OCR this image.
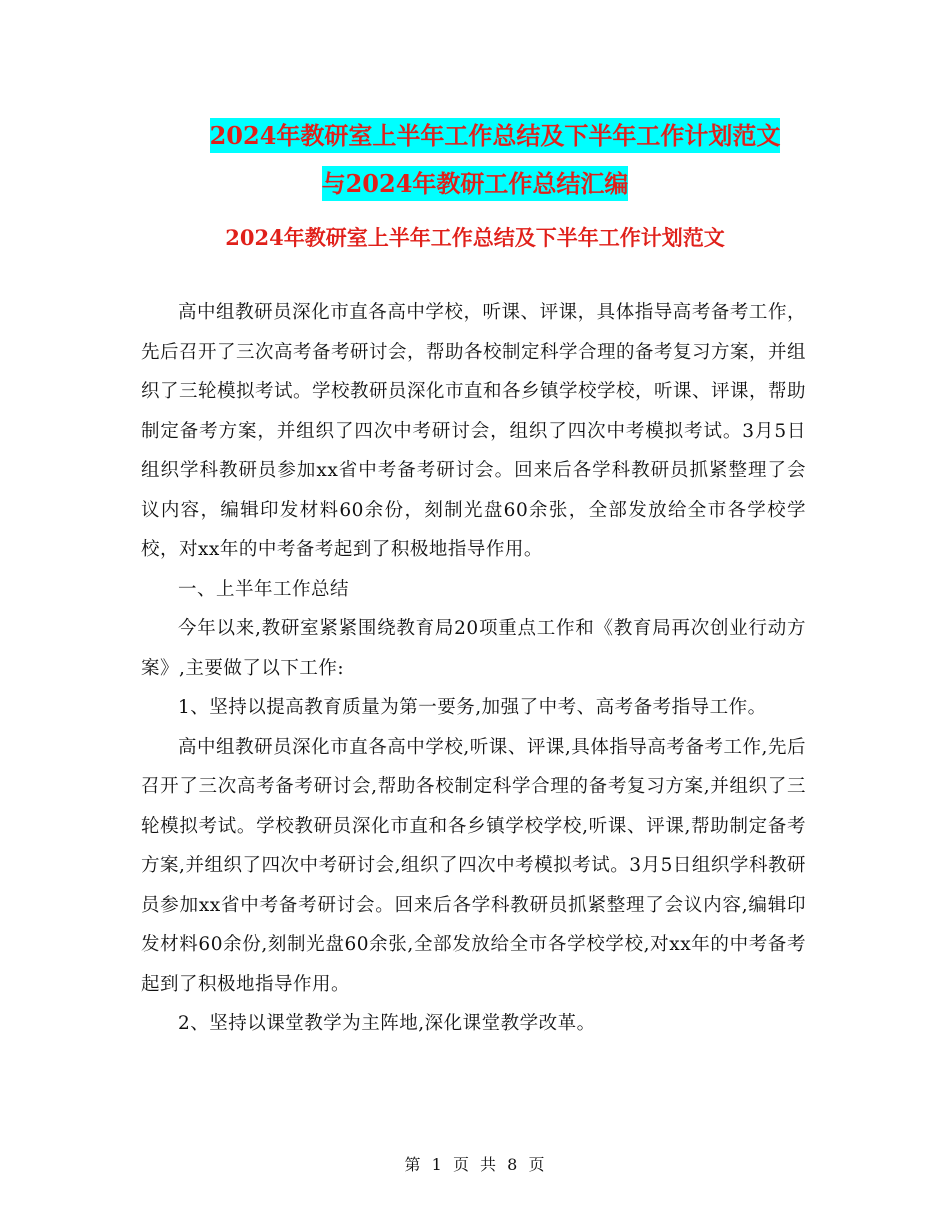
2024年教研室上半年工作总结及下半年工作计划范文
与2024年教研工作总结汇编
2024年教研室上半年工作总结及下半年工作计划范文

高中组教研员深化市直各高中学校，听课、评课，具体指导高考备考工作，先后召开了三次高考备考研讨会，帮助各校制定科学合理的备考复习方案，并组织了三轮模拟考试。学校教研员深化市直和各乡镇学校学校，听课、评课，帮助制定备考方案，并组织了四次中考研讨会，组织了四次中考模拟考试。3月5日组织学科教研员参加xx省中考备考研讨会。回来后各学科教研员抓紧整理了会议内容，编辑印发材料60余份，刻制光盘60余张，全部发放给全市各学校学校，对xx年的中考备考起到了积极地指导作用。

一、上半年工作总结

今年以来,教研室紧紧围绕教育局20项重点工作和《教育局再次创业行动方案》,主要做了以下工作:

1、坚持以提高教育质量为第一要务,加强了中考、高考备考指导工作。

高中组教研员深化市直各高中学校,听课、评课,具体指导高考备考工作,先后召开了三次高考备考研讨会,帮助各校制定科学合理的备考复习方案,并组织了三轮模拟考试。学校教研员深化市直和各乡镇学校学校,听课、评课,帮助制定备考方案,并组织了四次中考研讨会,组织了四次中考模拟考试。3月5日组织学科教研员参加xx省中考备考研讨会。回来后各学科教研员抓紧整理了会议内容,编辑印发材料60余份,刻制光盘60余张,全部发放给全市各学校学校,对xx年的中考备考起到了积极地指导作用。

2、坚持以课堂教学为主阵地,深化课堂教学改革。

第 1 页 共 8 页
